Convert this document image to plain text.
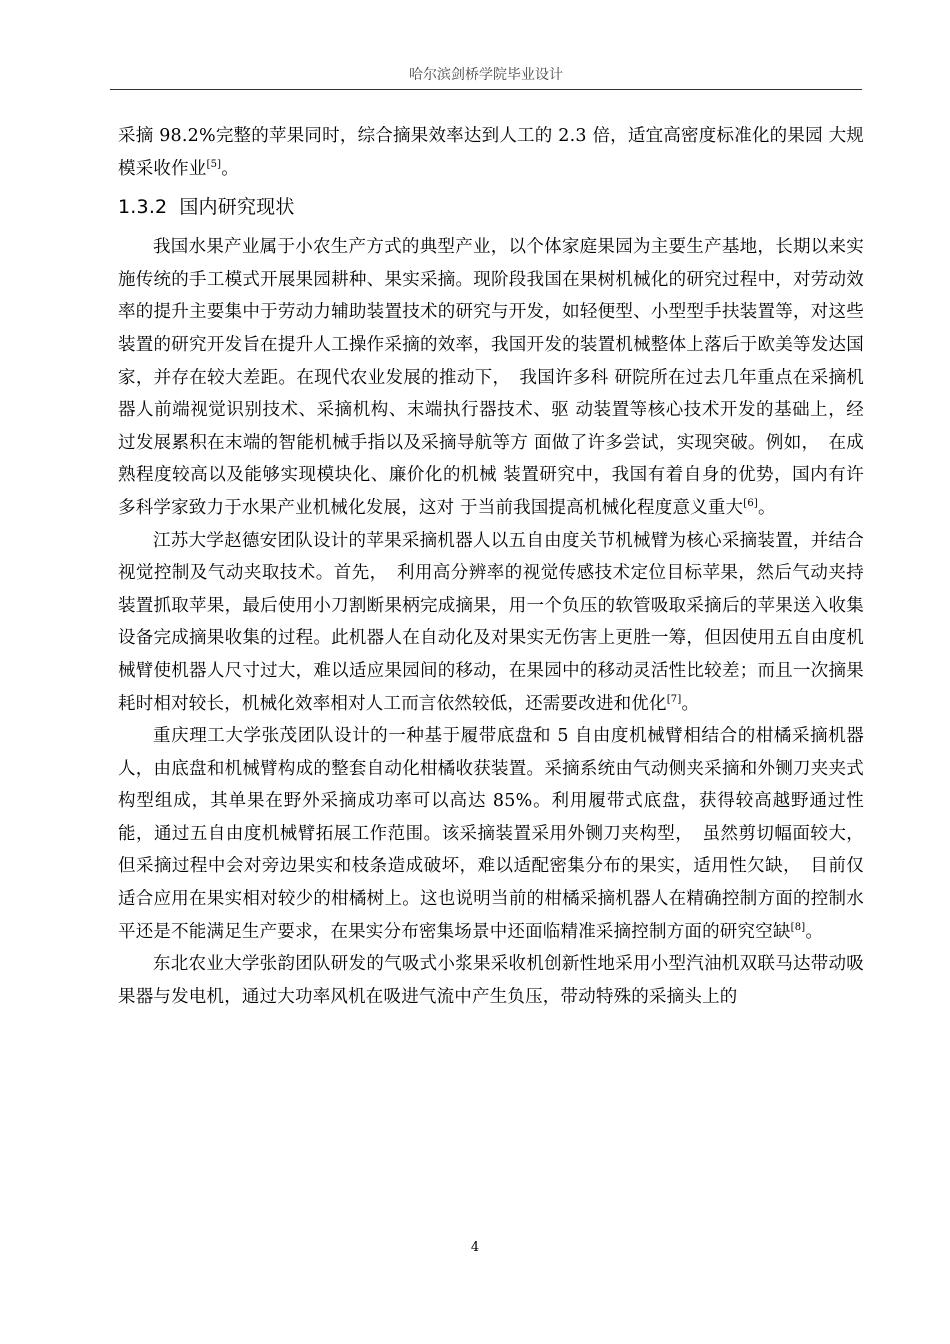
哈尔滨剑桥学院毕业设计

采摘 98.2%完整的苹果同时，综合摘果效率达到人工的 2.3 倍，适宜高密度标准化的果园 大规模采收作业[5]。

1.3.2 国内研究现状

我国水果产业属于小农生产方式的典型产业，以个体家庭果园为主要生产基地，长期以来实施传统的手工模式开展果园耕种、果实采摘。现阶段我国在果树机械化的研究过程中，对劳动效率的提升主要集中于劳动力辅助装置技术的研究与开发，如轻便型、小型型手扶装置等，对这些装置的研究开发旨在提升人工操作采摘的效率，我国开发的装置机械整体上落后于欧美等发达国家，并存在较大差距。在现代农业发展的推动下，　我国许多科 研院所在过去几年重点在采摘机器人前端视觉识别技术、采摘机构、末端执行器技术、驱 动装置等核心技术开发的基础上，经过发展累积在末端的智能机械手指以及采摘导航等方 面做了许多尝试，实现突破。例如，　在成熟程度较高以及能够实现模块化、廉价化的机械 装置研究中，我国有着自身的优势，国内有许多科学家致力于水果产业机械化发展，这对 于当前我国提高机械化程度意义重大[6]。

江苏大学赵德安团队设计的苹果采摘机器人以五自由度关节机械臂为核心采摘装置，并结合视觉控制及气动夹取技术。首先，　利用高分辨率的视觉传感技术定位目标苹果，然后气动夹持装置抓取苹果，最后使用小刀割断果柄完成摘果，用一个负压的软管吸取采摘后的苹果送入收集设备完成摘果收集的过程。此机器人在自动化及对果实无伤害上更胜一筹，但因使用五自由度机械臂使机器人尺寸过大，难以适应果园间的移动，在果园中的移动灵活性比较差；而且一次摘果耗时相对较长，机械化效率相对人工而言依然较低，还需要改进和优化[7]。

重庆理工大学张茂团队设计的一种基于履带底盘和 5 自由度机械臂相结合的柑橘采摘机器人，由底盘和机械臂构成的整套自动化柑橘收获装置。采摘系统由气动侧夹采摘和外铡刀夹夹式构型组成，其单果在野外采摘成功率可以高达 85%。利用履带式底盘，获得较高越野通过性能，通过五自由度机械臂拓展工作范围。该采摘装置采用外铡刀夹构型，　虽然剪切幅面较大，但采摘过程中会对旁边果实和枝条造成破坏，难以适配密集分布的果实，适用性欠缺，　目前仅适合应用在果实相对较少的柑橘树上。这也说明当前的柑橘采摘机器人在精确控制方面的控制水平还是不能满足生产要求，在果实分布密集场景中还面临精准采摘控制方面的研究空缺[8]。

东北农业大学张韵团队研发的气吸式小浆果采收机创新性地采用小型汽油机双联马达带动吸果器与发电机，通过大功率风机在吸进气流中产生负压，带动特殊的采摘头上的

4
